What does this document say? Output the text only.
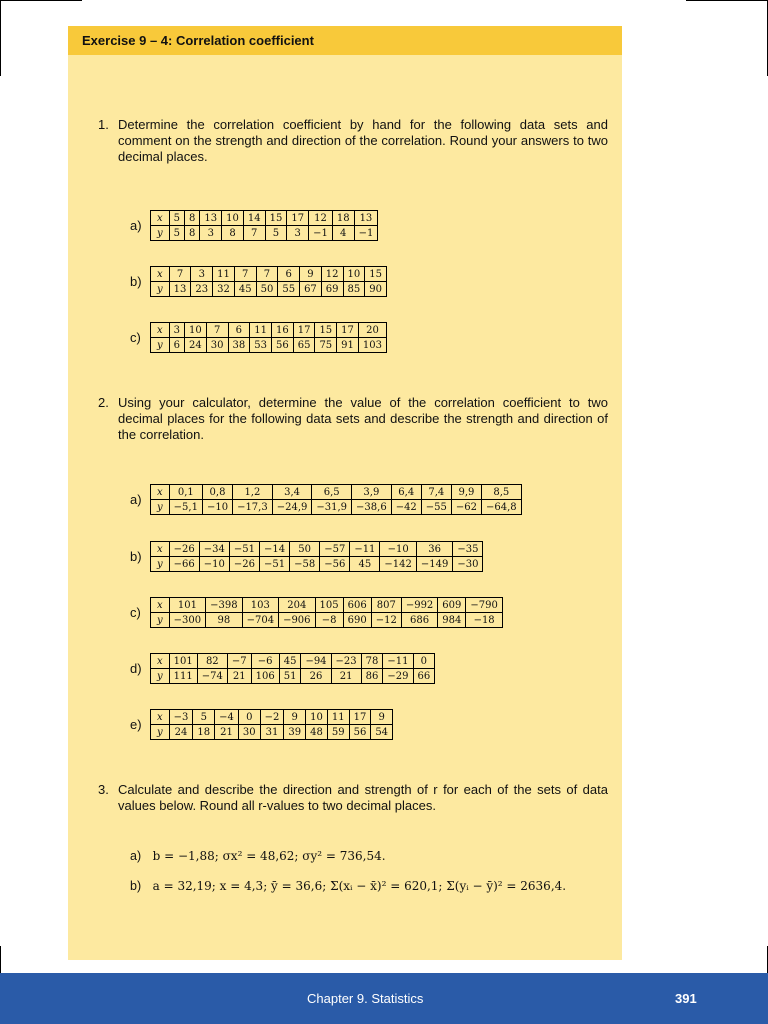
Exercise 9 – 4: Correlation coefficient
1. Determine the correlation coefficient by hand for the following data sets and comment on the strength and direction of the correlation. Round your answers to two decimal places.
2. Using your calculator, determine the value of the correlation coefficient to two decimal places for the following data sets and describe the strength and direction of the correlation.
3. Calculate and describe the direction and strength of r for each of the sets of data values below. Round all r-values to two decimal places.
a) b = −1,88; σx² = 48,62; σy² = 736,54.
b) a = 32,19; x = 4,3; ȳ = 36,6; Σ(xᵢ − x̄)² = 620,1; Σ(yᵢ − ȳ)² = 2636,4.
a) x	5	8	13	10	14	15	17	12	18	13
y	5	8	3	8	7	5	3	−1	4	−1
b) x	7	3	11	7	7	6	9	12	10	15
y	13	23	32	45	50	55	67	69	85	90
c)	x	3	10	7	6	11	16	17	15	17	20
y	6	24	30	38	53	56	65	75	91	103
a) x	0,1	0,8	1,2	3,4	6,5	3,9	6,4	7,4	9,9	8,5
y	−5,1	−10	−17,3	−24,9	−31,9	−38,6	−42	−55	−62	−64,8
b) x	−26	−34	−51	−14	50	−57	−11	−10	36	−35
y	−66	−10	−26	−51	−58	−56	45	−142	−149	−30
c)	x	101	−398	103	204	105	606	807	−992	609	−790
y	−300	98	−704	−906	−8	690	−12	686	984	−18
d) x	101	82	−7	−6	45	−94	−23	78	−11	0
y	111	−74	21	106	51	26	21	86	−29	66
e) x	−3	5	−4	0	−2	9	10	11	17	9
y	24	18	21	30	31	39	48	59	56	54
Chapter 9. Statistics	391
